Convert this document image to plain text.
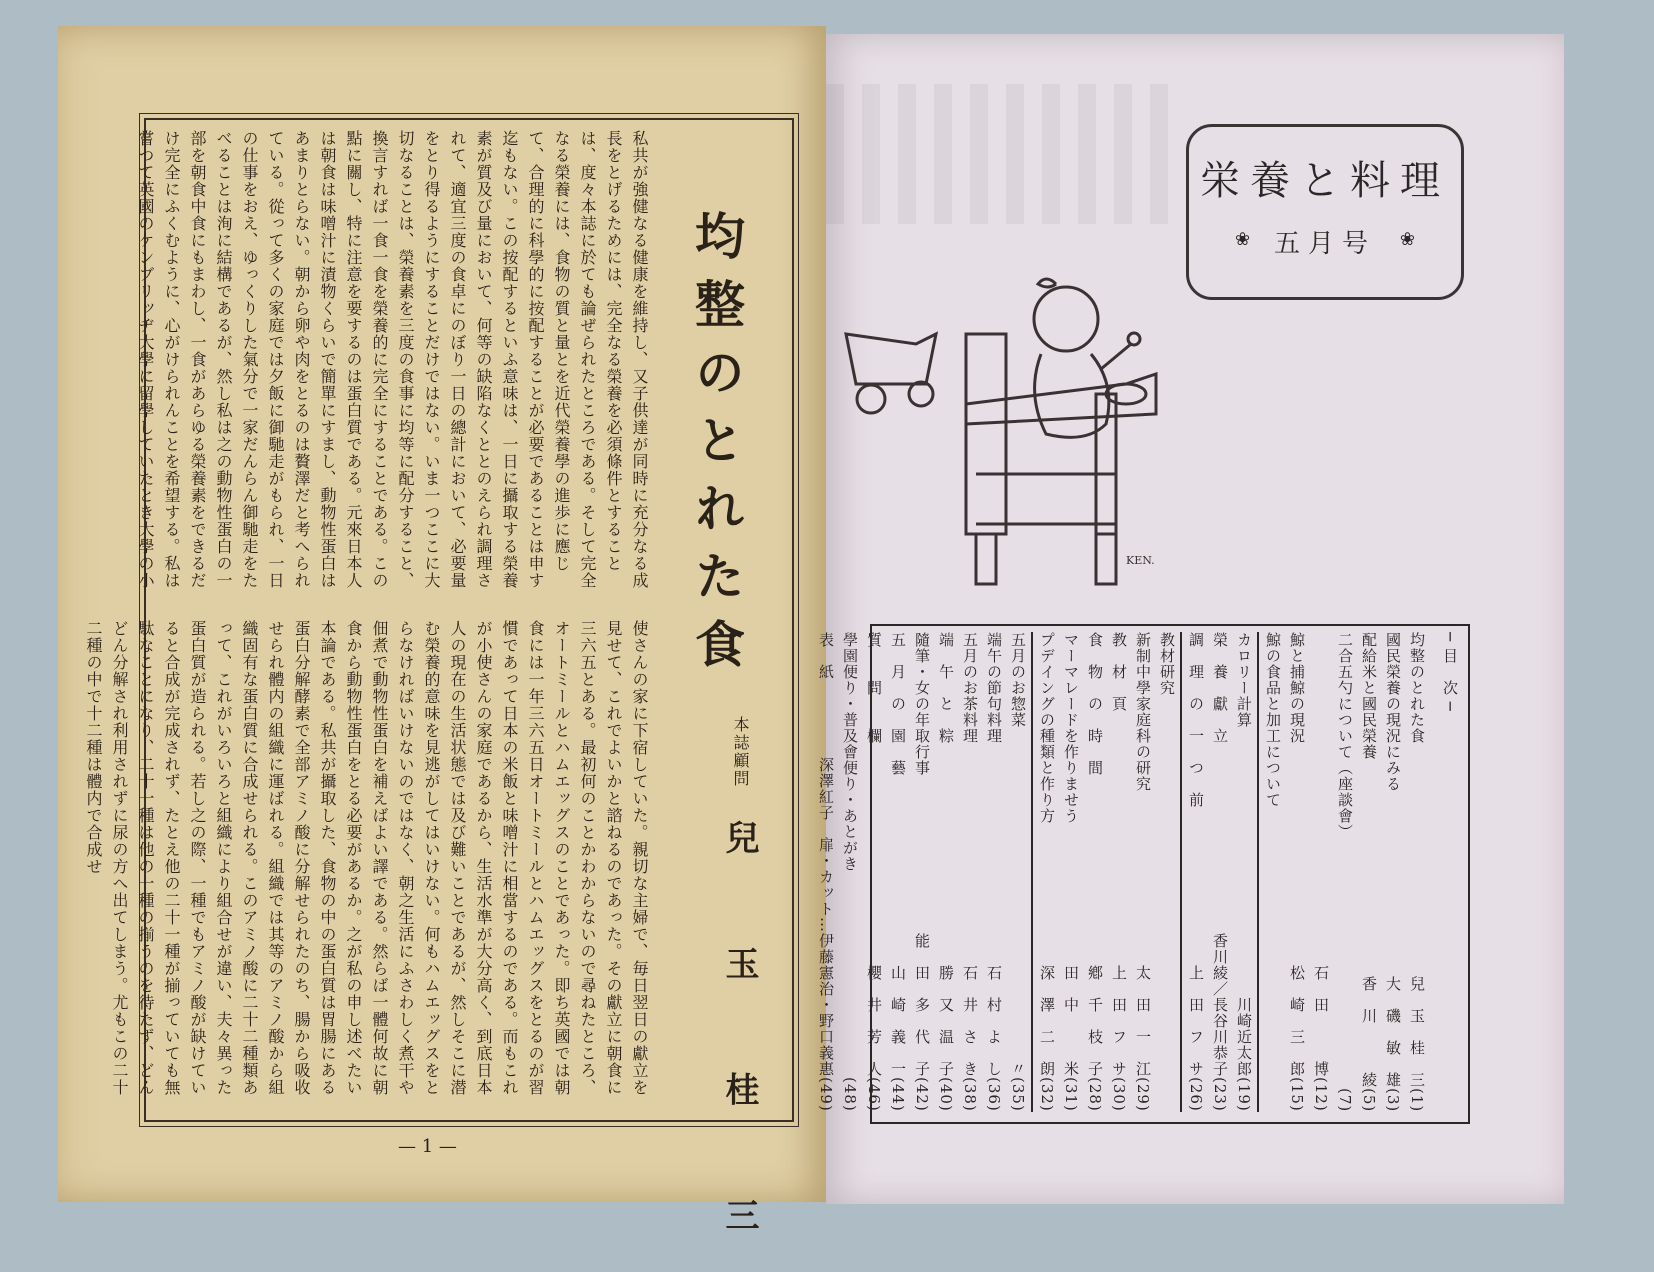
私共が強健なる健康を維持し、又子供達が同時に充分なる成長をとげるためには、完全なる榮養を必須條件とすることは、度々本誌に於ても論ぜられたところである。そして完全なる榮養には、食物の質と量とを近代榮養學の進歩に應じて、合理的に科學的に按配することが必要であることは申す迄もない。この按配するといふ意味は、一日に攝取する榮養素が質及び量において、何等の缺陷なくととのえられ調理されて、適宜三度の食卓にのぼり一日の總計において、必要量をとり得るようにすることだけではない。いま一つここに大切なることは、榮養素を三度の食事に均等に配分すること、換言すれば一食一食を榮養的に完全にすることである。この點に關し、特に注意を要するのは蛋白質である。元來日本人は朝食は味噌汁に漬物くらいで簡單にすまし、動物性蛋白はあまりとらない。朝から卵や肉をとるのは贅澤だと考へられている。從って多くの家庭では夕飯に御馳走がもられ、一日の仕事をおえ、ゆっくりした氣分で一家だんらん御馳走をたべることは洵に結構であるが、然し私は之の動物性蛋白の一部を朝食中食にもまわし、一食があらゆる榮養素をできるだけ完全にふくむように、心がけられんことを希望する。私は嘗つて英國のケンブリッヂ大學に留學していたとき大學の小
使さんの家に下宿していた。親切な主婦で、毎日翌日の獻立を見せて、これでよいかと諮ねるのであった。その獻立に朝食に三六五とある。最初何のことかわからないので尋ねたところ、オートミールとハムエッグスのことであった。即ち英國では朝食には一年三六五日オートミールとハムエッグスをとるのが習慣であって日本の米飯と味噌汁に相當するのである。而もこれが小使さんの家庭であるから、生活水準が大分高く、到底日本人の現在の生活状態では及び難いことであるが、然しそこに潜む榮養的意味を見逃がしてはいけない。何もハムエッグスをとらなければいけないのではなく、朝之生活にふさわしく煮干や佃煮で動物性蛋白を補えばよい譯である。然らば一體何故に朝食から動物性蛋白をとる必要があるか。之が私の申し述べたい本論である。私共が攝取した、食物の中の蛋白質は胃腸にある蛋白分解酵素で全部アミノ酸に分解せられたのち、腸から吸收せられ體内の組織に運ばれる。組織では其等のアミノ酸から組織固有な蛋白質に合成せられる。このアミノ酸に二十二種類あって、これがいろいろと組織により組合せが違い、夫々異った蛋白質が造られる。若し之の際、一種でもアミノ酸が缺けていると合成が完成されず、たとえ他の二十一種が揃っていても無駄なことになり、二十一種は他の一種の揃うのを待たず、どんどん分解され利用されずに尿の方へ出てしまう。尤もこの二十二種の中で十二種は體内で合成せ
均整のとれた食
本誌顧問
兒 玉 桂 三
— 1 —
栄養と料理
❀ 五月号	❀
KEN.
─ 目　次 ─
均整のとれた食
兒　玉　桂　三(1)
國民榮養の現況にみる
大　磯　敏　雄(3)
配給米と國民榮養
香　川　　　綾(5)
二合五勺について（座談會）
(7)
石　田　　　博(12)
鯨と捕鯨の現況
松　崎　三　郎(15)
鯨の食品と加工について
カロリー計算
川崎近太郎(19)
榮　養　獻　立
香川綾／長谷川恭子(23)
調　理　の　一　つ　前
上　田　フ　サ(26)
教材研究
新制中學家庭科の研究
太　田　一　江(29)
教　材　頁
上　田　フ　サ(30)
食　物　の　時　間
鄕　千　枝　子(28)
マーマレードを作りませう
田　中　　　米(31)
プデイングの種類と作り方
深　澤　二　朗(32)
五月のお惣菜
〃(35)
端午の節句料理
石　村　よ　し(36)
五月のお茶料理
石　井　さ　き(38)
端　午　と　粽
勝　又　温　子(40)
隨筆・女の年取行事
能　田　多　代　子(42)
五　月　の　園　藝
山　崎　義　一(44)
質　　問　　欄
櫻　井　芳　人(46)
學園便り・普及會便り・あとがき
(48)
表　紙
深澤紅子　扉・カット…伊藤憲治・野口義惠(49)
